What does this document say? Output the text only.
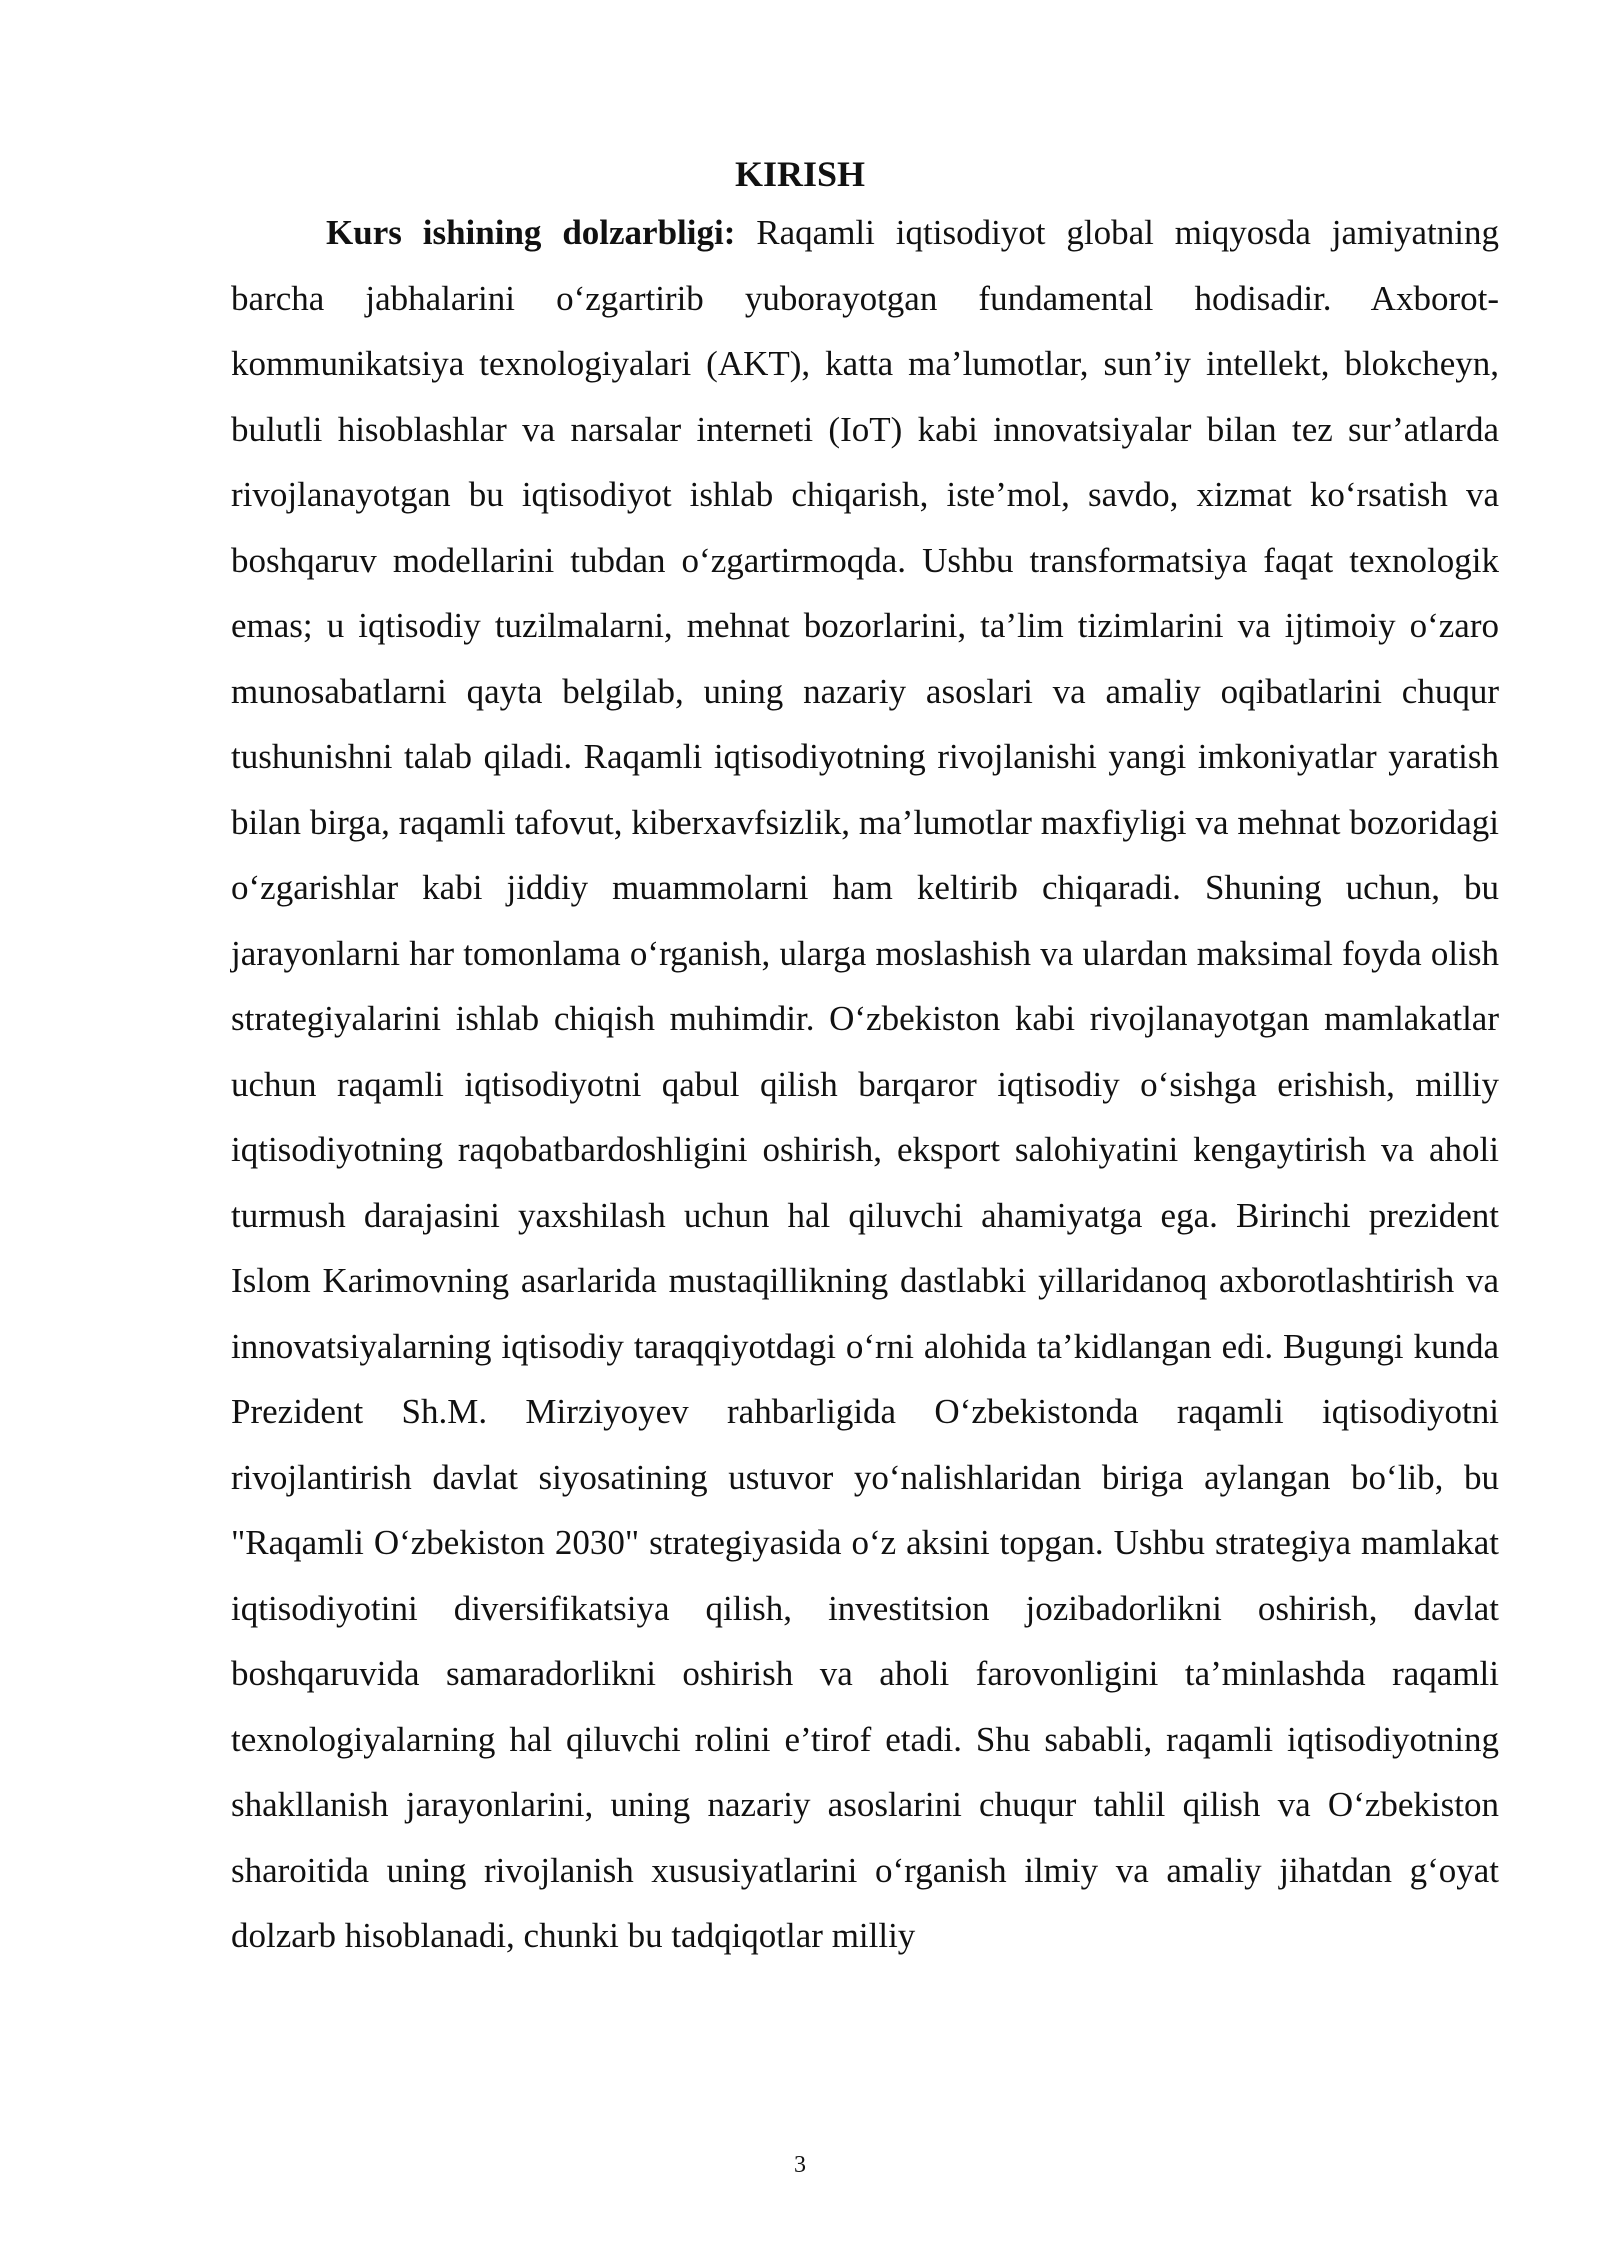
KIRISH

Kurs ishining dolzarbligi: Raqamli iqtisodiyot global miqyosda jamiyatning barcha jabhalarini o‘zgartirib yuborayotgan fundamental hodisadir. Axborot-kommunikatsiya texnologiyalari (AKT), katta ma’lumotlar, sun’iy intellekt, blokcheyn, bulutli hisoblashlar va narsalar interneti (IoT) kabi innovatsiyalar bilan tez sur’atlarda rivojlanayotgan bu iqtisodiyot ishlab chiqarish, iste’mol, savdo, xizmat ko‘rsatish va boshqaruv modellarini tubdan o‘zgartirmoqda. Ushbu transformatsiya faqat texnologik emas; u iqtisodiy tuzilmalarni, mehnat bozorlarini, ta’lim tizimlarini va ijtimoiy o‘zaro munosabatlarni qayta belgilab, uning nazariy asoslari va amaliy oqibatlarini chuqur tushunishni talab qiladi. Raqamli iqtisodiyotning rivojlanishi yangi imkoniyatlar yaratish bilan birga, raqamli tafovut, kiberxavfsizlik, ma’lumotlar maxfiyligi va mehnat bozoridagi o‘zgarishlar kabi jiddiy muammolarni ham keltirib chiqaradi. Shuning uchun, bu jarayonlarni har tomonlama o‘rganish, ularga moslashish va ulardan maksimal foyda olish strategiyalarini ishlab chiqish muhimdir. O‘zbekiston kabi rivojlanayotgan mamlakatlar uchun raqamli iqtisodiyotni qabul qilish barqaror iqtisodiy o‘sishga erishish, milliy iqtisodiyotning raqobatbardoshligini oshirish, eksport salohiyatini kengaytirish va aholi turmush darajasini yaxshilash uchun hal qiluvchi ahamiyatga ega. Birinchi prezident Islom Karimovning asarlarida mustaqillikning dastlabki yillaridanoq axborotlashtirish va innovatsiyalarning iqtisodiy taraqqiyotdagi o‘rni alohida ta’kidlangan edi. Bugungi kunda Prezident Sh.M. Mirziyoyev rahbarligida O‘zbekistonda raqamli iqtisodiyotni rivojlantirish davlat siyosatining ustuvor yo‘nalishlaridan biriga aylangan bo‘lib, bu "Raqamli O‘zbekiston 2030" strategiyasida o‘z aksini topgan. Ushbu strategiya mamlakat iqtisodiyotini diversifikatsiya qilish, investitsion jozibadorlikni oshirish, davlat boshqaruvida samaradorlikni oshirish va aholi farovonligini ta’minlashda raqamli texnologiyalarning hal qiluvchi rolini e’tirof etadi. Shu sababli, raqamli iqtisodiyotning shakllanish jarayonlarini, uning nazariy asoslarini chuqur tahlil qilish va O‘zbekiston sharoitida uning rivojlanish xususiyatlarini o‘rganish ilmiy va amaliy jihatdan g‘oyat dolzarb hisoblanadi, chunki bu tadqiqotlar milliy

3
